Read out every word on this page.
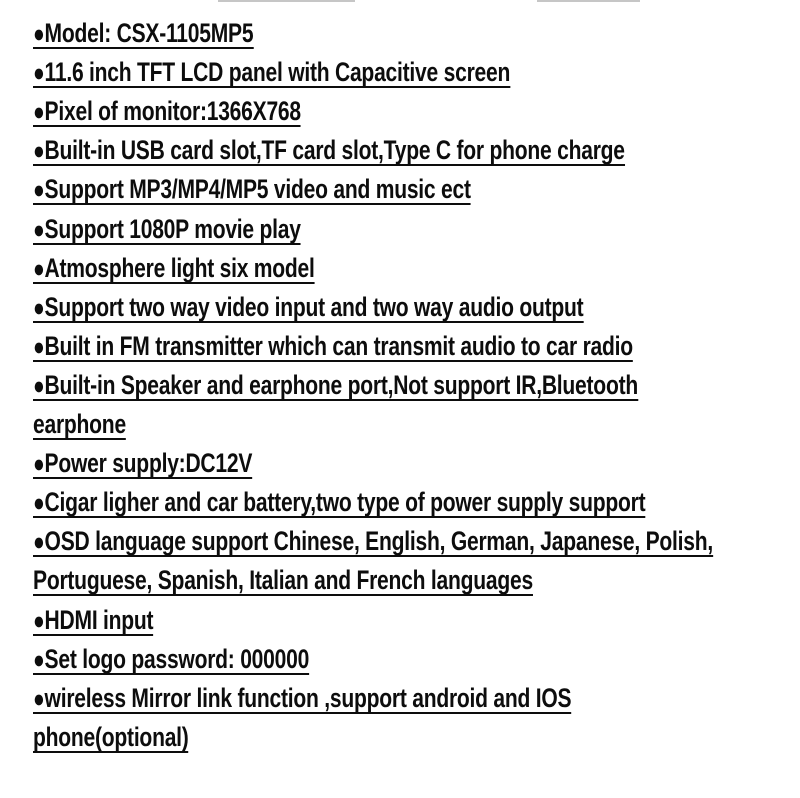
●Model: CSX-1105MP5
●11.6 inch TFT LCD panel with Capacitive screen
●Pixel of monitor:1366X768
●Built-in USB card slot,TF card slot,Type C for phone charge
●Support MP3/MP4/MP5 video and music ect
●Support 1080P movie play
●Atmosphere light six model
●Support two way video input and two way audio output
●Built in FM transmitter which can transmit audio to car radio
●Built-in Speaker and earphone port,Not support IR,Bluetooth
earphone
●Power supply:DC12V
●Cigar ligher and car battery,two type of power supply support
●OSD language support Chinese, English, German, Japanese, Polish,
Portuguese, Spanish, Italian and French languages
●HDMI input
●Set logo password: 000000
●wireless Mirror link function ,support android and IOS
phone(optional)
